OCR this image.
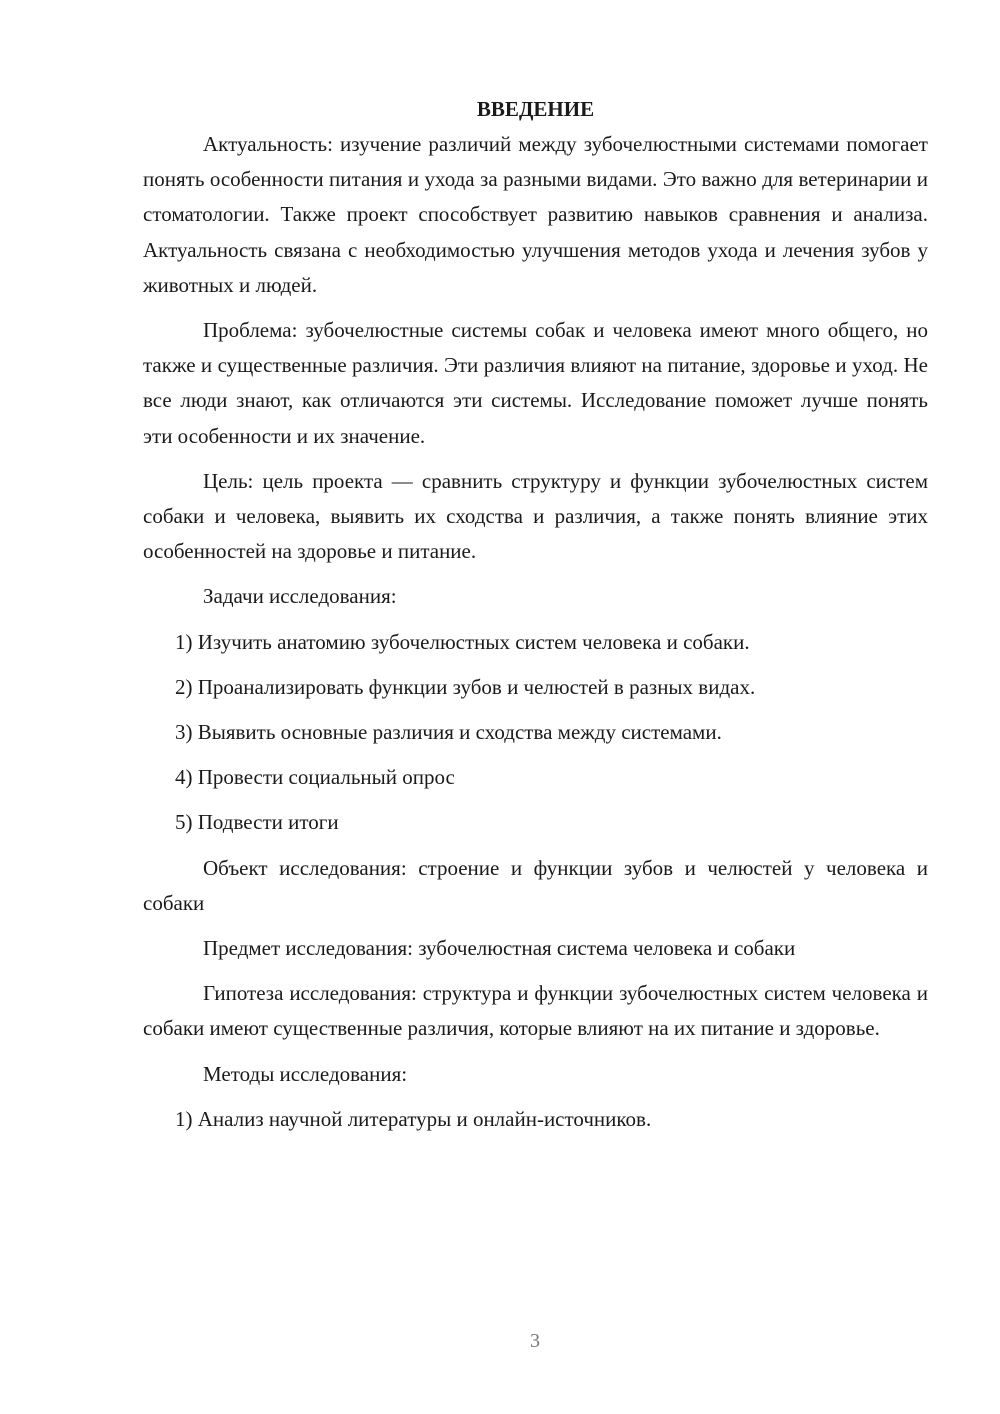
ВВЕДЕНИЕ

Актуальность: изучение различий между зубочелюстными системами помогает понять особенности питания и ухода за разными видами. Это важно для ветеринарии и стоматологии. Также проект способствует развитию навыков сравнения и анализа. Актуальность связана с необходимостью улучшения методов ухода и лечения зубов у животных и людей.

Проблема: зубочелюстные системы собак и человека имеют много общего, но также и существенные различия. Эти различия влияют на питание, здоровье и уход. Не все люди знают, как отличаются эти системы. Исследование поможет лучше понять эти особенности и их значение.

Цель: цель проекта — сравнить структуру и функции зубочелюстных систем собаки и человека, выявить их сходства и различия, а также понять влияние этих особенностей на здоровье и питание.

Задачи исследования:

1) Изучить анатомию зубочелюстных систем человека и собаки.

2) Проанализировать функции зубов и челюстей в разных видах.

3) Выявить основные различия и сходства между системами.

4) Провести социальный опрос

5) Подвести итоги

Объект исследования: строение и функции зубов и челюстей у человека и собаки

Предмет исследования: зубочелюстная система человека и собаки

Гипотеза исследования: структура и функции зубочелюстных систем человека и собаки имеют существенные различия, которые влияют на их питание и здоровье.

Методы исследования:

1) Анализ научной литературы и онлайн-источников.

3
